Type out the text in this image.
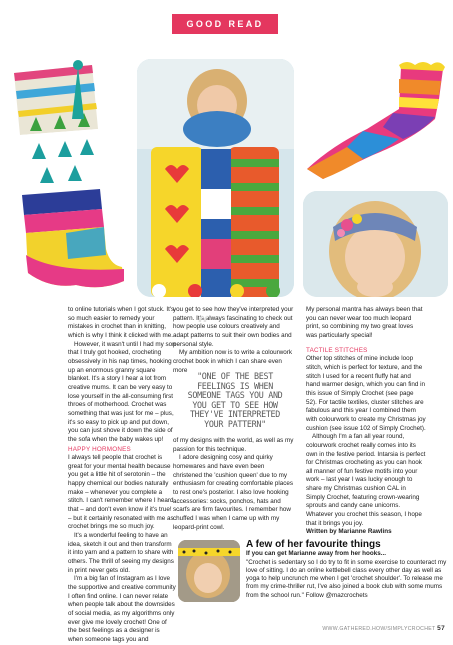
GOOD READ

to online tutorials when I got stuck. It's so much easier to remedy your mistakes in crochet than in knitting, which is why I think it clicked with me.

However, it wasn't until I had my son that I truly got hooked, crocheting obsessively in his nap times, hooking up an enormous granny square blanket. It's a story I hear a lot from creative mums. It can be very easy to lose yourself in the all-consuming first throes of motherhood. Crochet was something that was just for me – plus, it's so easy to pick up and put down, you can just shove it down the side of the sofa when the baby wakes up!

HAPPY HORMONES

I always tell people that crochet is great for your mental health because you get a little hit of serotonin – the happy chemical our bodies naturally make – whenever you complete a stitch. I can't remember where I heard that – and don't even know if it's true! – but it certainly resonated with me as crochet brings me so much joy.

It's a wonderful feeling to have an idea, sketch it out and then transform it into yarn and a pattern to share with others. The thrill of seeing my designs in print never gets old.

I'm a big fan of Instagram as I love the supportive and creative community I often find online. I can never relate when people talk about the downsides of social media, as my algorithms only ever give me lovely crochet! One of the best feelings as a designer is when someone tags you and

you get to see how they've interpreted your pattern. It's always fascinating to check out how people use colours creatively and adapt patterns to suit their own bodies and personal style.

My ambition now is to write a colourwork crochet book in which I can share even more

“
"ONE OF THE BEST FEELINGS IS WHEN SOMEONE TAGS YOU AND YOU GET TO SEE HOW THEY'VE INTERPRETED YOUR PATTERN"

of my designs with the world, as well as my passion for this technique.

I adore designing cosy and quirky homewares and have even been christened the 'cushion queen' due to my enthusiasm for creating comfortable places to rest one's posterior. I also love hooking accessories: socks, ponchos, hats and scarfs are firm favourites. I remember how chuffed I was when I came up with my leopard-print cowl.

My personal mantra has always been that you can never wear too much leopard print, so combining my two great loves was particularly special!

TACTILE STITCHES

Other top stitches of mine include loop stitch, which is perfect for texture, and the stitch I used for a recent fluffy hat and hand warmer design, which you can find in this issue of Simply Crochet (see page 52). For tactile textiles, cluster stitches are fabulous and this year I combined them with colourwork to create my Christmas joy cushion (see issue 102 of Simply Crochet).

Although I'm a fan all year round, colourwork crochet really comes into its own in the festive period. Intarsia is perfect for Christmas crocheting as you can hook all manner of fun festive motifs into your work – last year I was lucky enough to share my Christmas cushion CAL in Simply Crochet, featuring crown-wearing sprouts and candy cane unicorns. Whatever you crochet this season, I hope that it brings you joy.

Written by Marianne Rawlins

A few of her favourite things
If you can get Marianne away from her hooks...
"Crochet is sedentary so I do try to fit in some exercise to counteract my love of sitting. I do an online kettlebell class every other day as well as yoga to help uncrunch me when I get 'crochet shoulder'. To release me from my crime-thriller rut, I've also joined a book club with some mums from the school run." Follow @mazcrochets
WWW.GATHERED.HOW/SIMPLYCROCHET 57
